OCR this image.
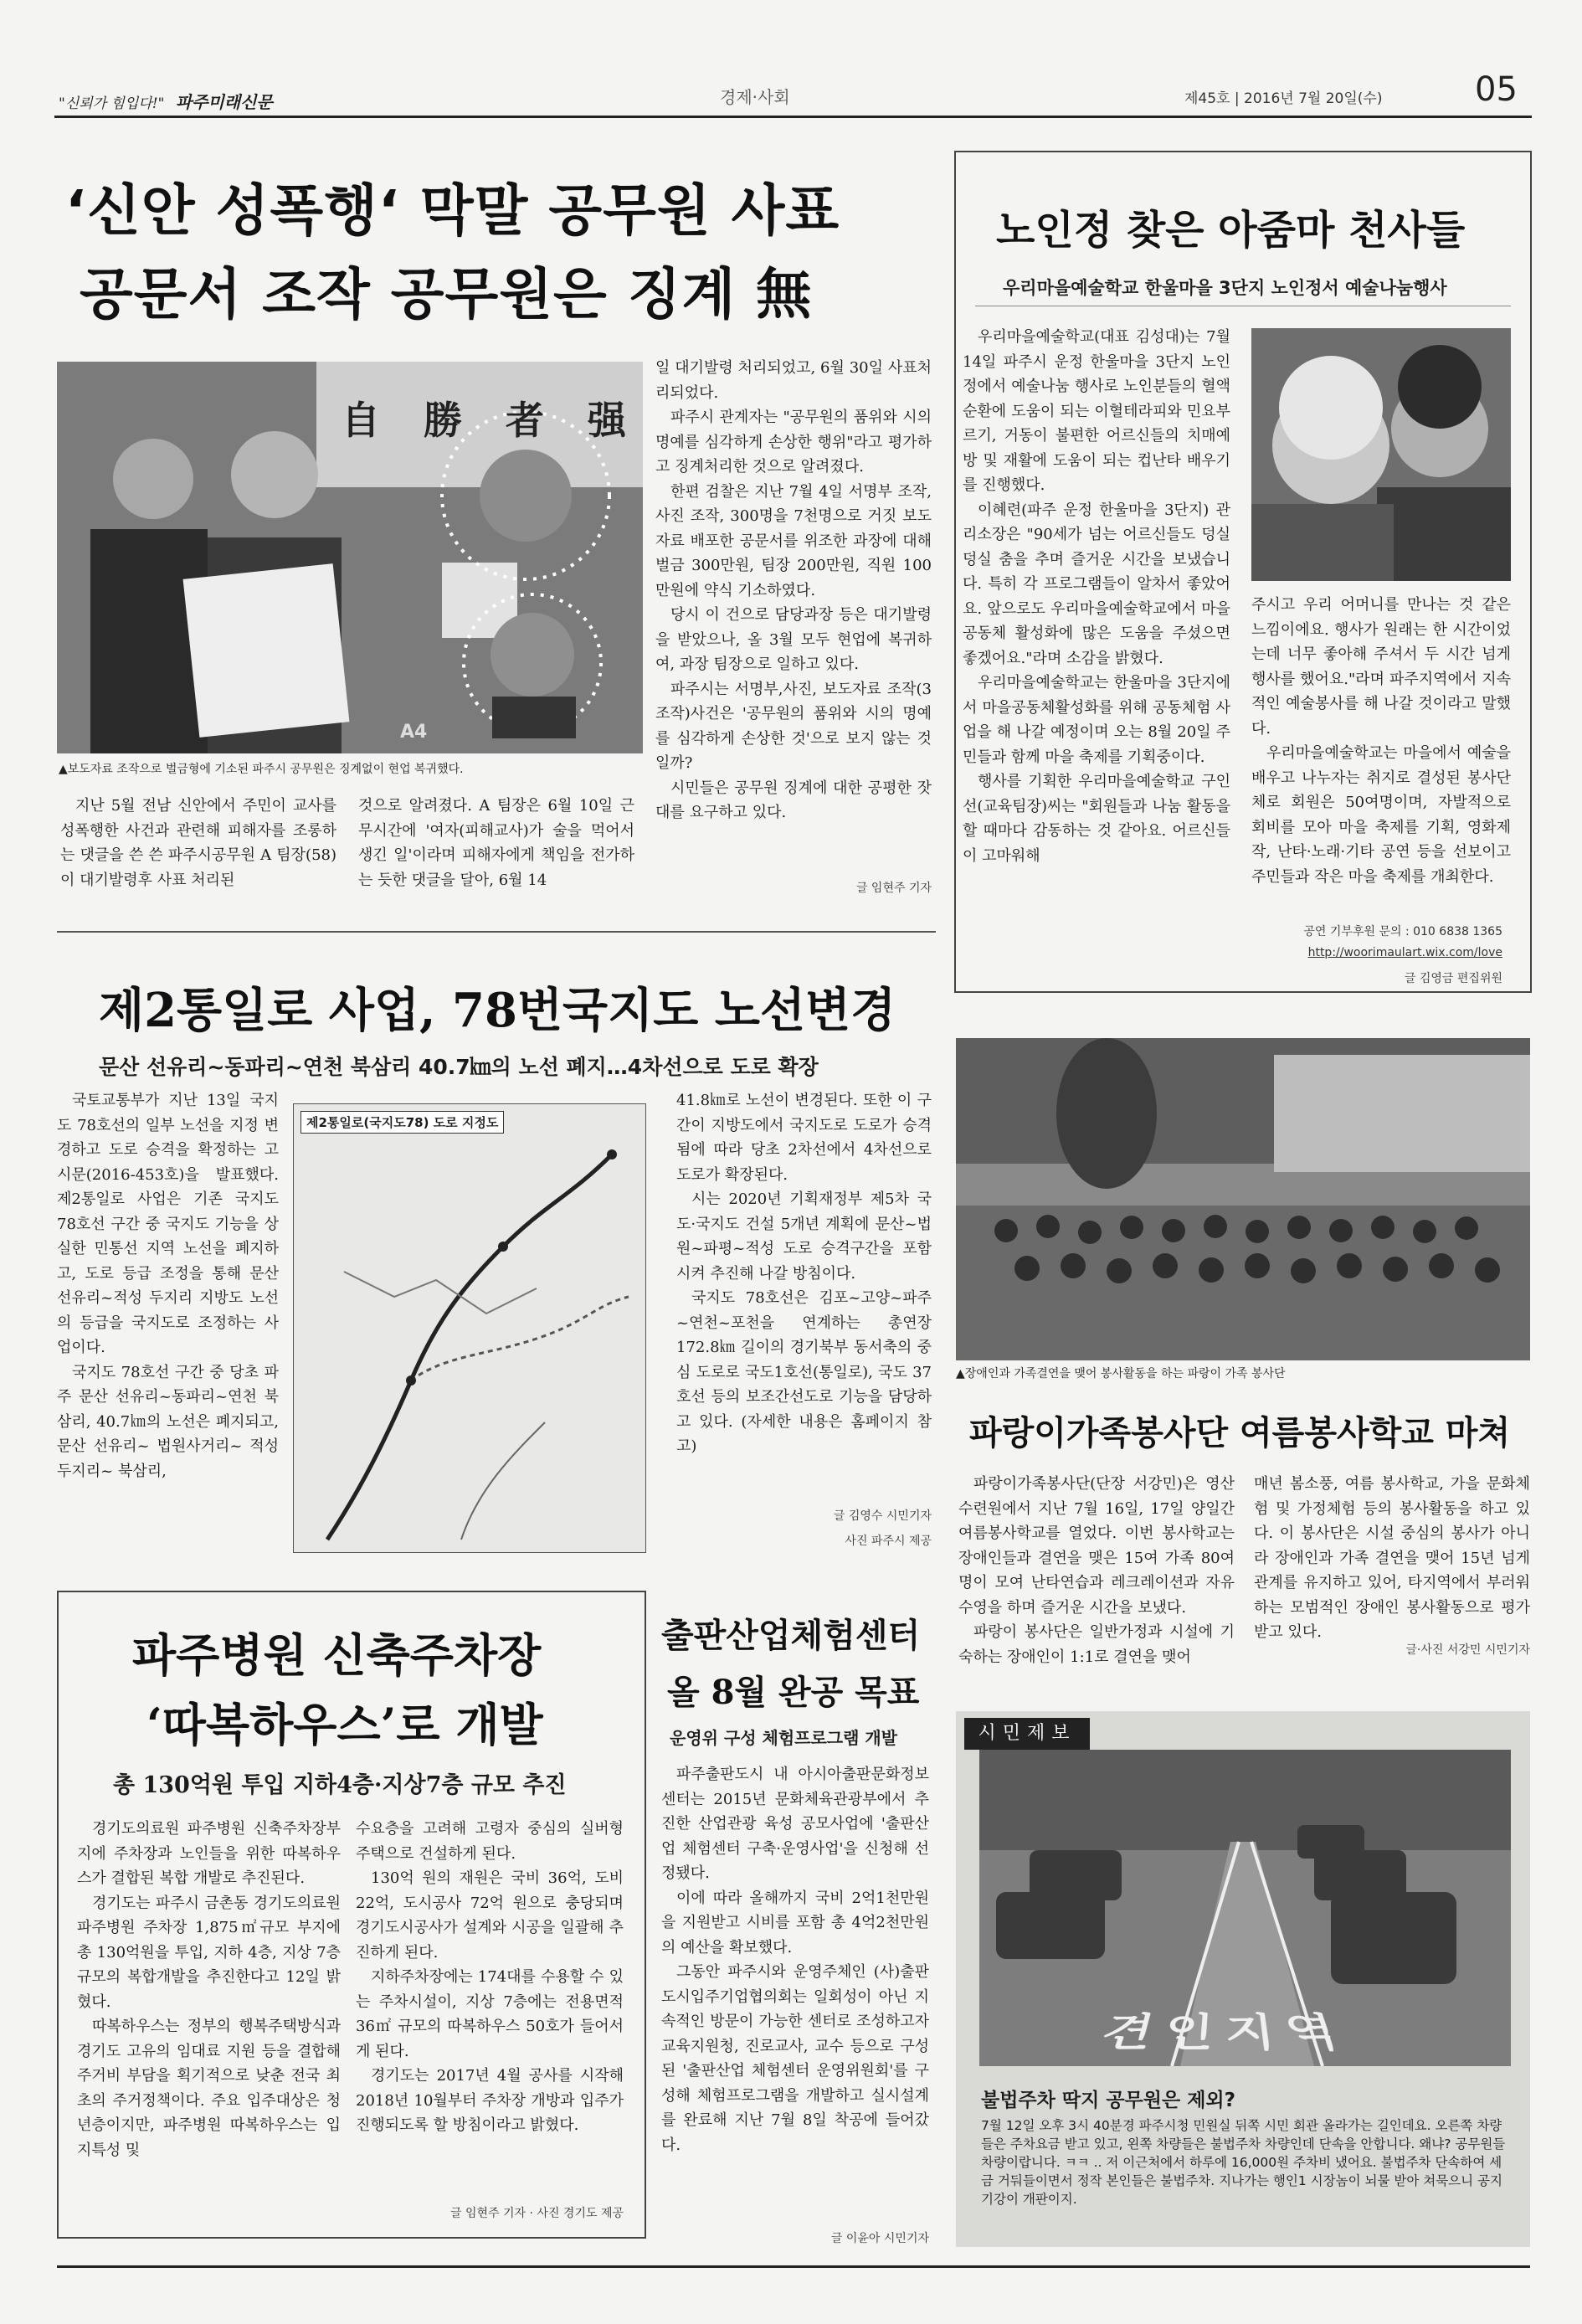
"신뢰가 힘입다!" 파주미래신문	경제·사회	제45호 | 2016년 7월 20일(수)	05
‘신안 성폭행‘ 막말 공무원 사표
공문서 조작 공무원은 징계 無
自 勝 者 强
A4
▲보도자료 조작으로 벌금형에 기소된 파주시 공무원은 징계없이 현업 복귀했다.

지난 5월 전남 신안에서 주민이 교사를 성폭행한 사건과 관련해 피해자를 조롱하는 댓글을 쓴 쓴 파주시공무원 A 팀장(58)이 대기발령후 사표 처리된

것으로 알려졌다. A 팀장은 6월 10일 근무시간에 '여자(피해교사)가 술을 먹어서 생긴 일'이라며 피해자에게 책임을 전가하는 듯한 댓글을 달아, 6월 14

일 대기발령 처리되었고, 6월 30일 사표처리되었다.

파주시 관계자는 "공무원의 품위와 시의 명예를 심각하게 손상한 행위"라고 평가하고 징계처리한 것으로 알려졌다.

한편 검찰은 지난 7월 4일 서명부 조작, 사진 조작, 300명을 7천명으로 거짓 보도자료 배포한 공문서를 위조한 과장에 대해 벌금 300만원, 팀장 200만원, 직원 100만원에 약식 기소하였다.

당시 이 건으로 담당과장 등은 대기발령을 받았으나, 올 3월 모두 현업에 복귀하여, 과장 팀장으로 일하고 있다.

파주시는 서명부,사진, 보도자료 조작(3조작)사건은 '공무원의 품위와 시의 명예를 심각하게 손상한 것'으로 보지 않는 것일까?

시민들은 공무원 징계에 대한 공평한 잣대를 요구하고 있다.

글 임현주 기자
노인정 찾은 아줌마 천사들
우리마을예술학교 한울마을 3단지 노인정서 예술나눔행사

우리마을예술학교(대표 김성대)는 7월 14일 파주시 운정 한울마을 3단지 노인정에서 예술나눔 행사로 노인분들의 혈액순환에 도움이 되는 이혈테라피와 민요부르기, 거동이 불편한 어르신들의 치매예방 및 재활에 도움이 되는 컵난타 배우기를 진행했다.

이혜련(파주 운정 한울마을 3단지) 관리소장은 "90세가 넘는 어르신들도 덩실덩실 춤을 추며 즐거운 시간을 보냈습니다. 특히 각 프로그램들이 알차서 좋았어요. 앞으로도 우리마을예술학교에서 마을 공동체 활성화에 많은 도움을 주셨으면 좋겠어요."라며 소감을 밝혔다.

우리마을예술학교는 한울마을 3단지에서 마을공동체활성화를 위해 공동체험 사업을 해 나갈 예정이며 오는 8월 20일 주민들과 함께 마을 축제를 기획중이다.

행사를 기획한 우리마을예술학교 구인선(교육팀장)씨는 "회원들과 나눔 활동을 할 때마다 감동하는 것 같아요. 어르신들이 고마워해

주시고 우리 어머니를 만나는 것 같은 느낌이에요. 행사가 원래는 한 시간이었는데 너무 좋아해 주셔서 두 시간 넘게 행사를 했어요."라며 파주지역에서 지속적인 예술봉사를 해 나갈 것이라고 말했다.

우리마을예술학교는 마을에서 예술을 배우고 나누자는 취지로 결성된 봉사단체로 회원은 50여명이며, 자발적으로 회비를 모아 마을 축제를 기획, 영화제작, 난타·노래·기타 공연 등을 선보이고 주민들과 작은 마을 축제를 개최한다.

공연 기부후원 문의 : 010 6838 1365
http://woorimaulart.wix.com/love
글 김영금 편집위원
제2통일로 사업, 78번국지도 노선변경
문산 선유리~동파리~연천 북삼리 40.7㎞의 노선 폐지…4차선으로 도로 확장

국토교통부가 지난 13일 국지도 78호선의 일부 노선을 지정 변경하고 도로 승격을 확정하는 고시문(2016-453호)을 발표했다. 제2통일로 사업은 기존 국지도 78호선 구간 중 국지도 기능을 상실한 민통선 지역 노선을 폐지하고, 도로 등급 조정을 통해 문산 선유리~적성 두지리 지방도 노선의 등급을 국지도로 조정하는 사업이다.

국지도 78호선 구간 중 당초 파주 문산 선유리~동파리~연천 북삼리, 40.7㎞의 노선은 폐지되고, 문산 선유리~ 법원사거리~ 적성 두지리~ 북삼리,

제2통일로(국지도78) 도로 지정도

41.8㎞로 노선이 변경된다. 또한 이 구간이 지방도에서 국지도로 도로가 승격됨에 따라 당초 2차선에서 4차선으로 도로가 확장된다.

시는 2020년 기획재정부 제5차 국도·국지도 건설 5개년 계획에 문산~법원~파평~적성 도로 승격구간을 포함시켜 추진해 나갈 방침이다.

국지도 78호선은 김포~고양~파주~연천~포천을 연계하는 총연장 172.8㎞ 길이의 경기북부 동서축의 중심 도로로 국도1호선(통일로), 국도 37호선 등의 보조간선도로 기능을 담당하고 있다. (자세한 내용은 홈페이지 참고)

글 김영수 시민기자
사진 파주시 제공
▲장애인과 가족결연을 맺어 봉사활동을 하는 파랑이 가족 봉사단
파랑이가족봉사단 여름봉사학교 마쳐

파랑이가족봉사단(단장 서강민)은 영산수련원에서 지난 7월 16일, 17일 양일간 여름봉사학교를 열었다. 이번 봉사학교는 장애인들과 결연을 맺은 15여 가족 80여명이 모여 난타연습과 레크레이션과 자유 수영을 하며 즐거운 시간을 보냈다.

파랑이 봉사단은 일반가정과 시설에 기숙하는 장애인이 1:1로 결연을 맺어

매년 봄소풍, 여름 봉사학교, 가을 문화체험 및 가정체험 등의 봉사활동을 하고 있다. 이 봉사단은 시설 중심의 봉사가 아니라 장애인과 가족 결연을 맺어 15년 넘게 관계를 유지하고 있어, 타지역에서 부러워하는 모범적인 장애인 봉사활동으로 평가받고 있다.

글·사진 서강민 시민기자
파주병원 신축주차장
‘따복하우스’로 개발
총 130억원 투입 지하4층·지상7층 규모 추진

경기도의료원 파주병원 신축주차장부지에 주차장과 노인들을 위한 따복하우스가 결합된 복합 개발로 추진된다.

경기도는 파주시 금촌동 경기도의료원 파주병원 주차장 1,875㎡규모 부지에 총 130억원을 투입, 지하 4층, 지상 7층 규모의 복합개발을 추진한다고 12일 밝혔다.

따복하우스는 정부의 행복주택방식과 경기도 고유의 임대료 지원 등을 결합해 주거비 부담을 획기적으로 낮춘 전국 최초의 주거정책이다. 주요 입주대상은 청년층이지만, 파주병원 따복하우스는 입지특성 및

수요층을 고려해 고령자 중심의 실버형 주택으로 건설하게 된다.

130억 원의 재원은 국비 36억, 도비 22억, 도시공사 72억 원으로 충당되며 경기도시공사가 설계와 시공을 일괄해 추진하게 된다.

지하주차장에는 174대를 수용할 수 있는 주차시설이, 지상 7층에는 전용면적 36㎡ 규모의 따복하우스 50호가 들어서게 된다.

경기도는 2017년 4월 공사를 시작해 2018년 10월부터 주차장 개방과 입주가 진행되도록 할 방침이라고 밝혔다.

글 임현주 기자 · 사진 경기도 제공
출판산업체험센터
올 8월 완공 목표
운영위 구성 체험프로그램 개발

파주출판도시 내 아시아출판문화정보센터는 2015년 문화체육관광부에서 추진한 산업관광 육성 공모사업에 '출판산업 체험센터 구축·운영사업'을 신청해 선정됐다.

이에 따라 올해까지 국비 2억1천만원을 지원받고 시비를 포함 총 4억2천만원의 예산을 확보했다.

그동안 파주시와 운영주체인 (사)출판도시입주기업협의회는 일회성이 아닌 지속적인 방문이 가능한 센터로 조성하고자 교육지원청, 진로교사, 교수 등으로 구성된 '출판산업 체험센터 운영위원회'를 구성해 체험프로그램을 개발하고 실시설계를 완료해 지난 7월 8일 착공에 들어갔다.

글 이윤아 시민기자
시민제보
견인지역
불법주차 딱지 공무원은 제외?
7월 12일 오후 3시 40분경 파주시청 민원실 뒤쪽 시민 회관 올라가는 길인데요. 오른쪽 차량들은 주차요금 받고 있고, 왼쪽 차량들은 불법주차 차량인데 단속을 안합니다. 왜냐? 공무원들 차량이랍니다. ㅋㅋ .. 저 이근처에서 하루에 16,000원 주차비 냈어요. 불법주차 단속하여 세금 거둬들이면서 정작 본인들은 불법주차. 지나가는 행인1 시장놈이 뇌물 받아 쳐묵으니 공지기강이 개판이지.
